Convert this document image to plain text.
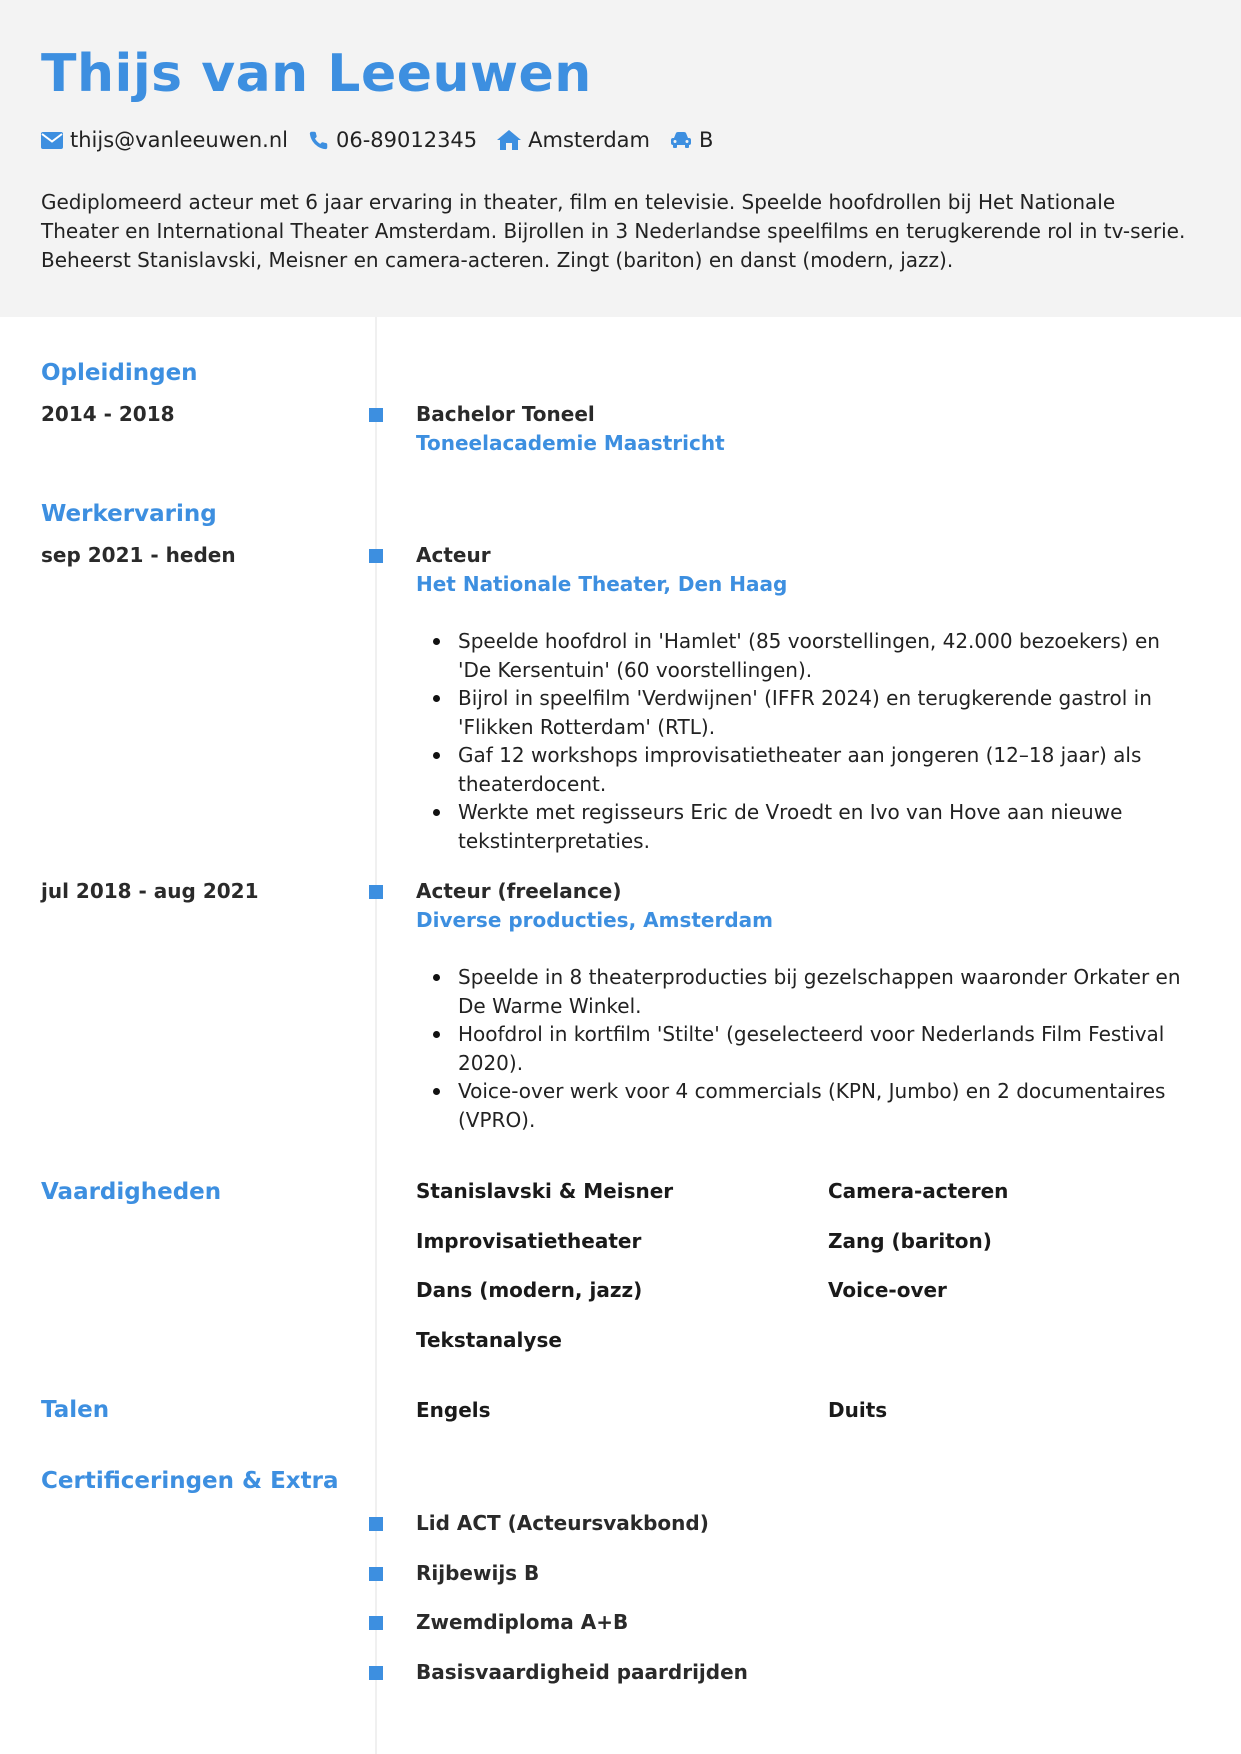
Thijs van Leeuwen
thijs@vanleeuwen.nl 06-89012345 Amsterdam B
Gediplomeerd acteur met 6 jaar ervaring in theater, film en televisie. Speelde hoofdrollen bij Het Nationale Theater en International Theater Amsterdam. Bijrollen in 3 Nederlandse speelfilms en terugkerende rol in tv-serie. Beheerst Stanislavski, Meisner en camera-acteren. Zingt (bariton) en danst (modern, jazz).
Opleidingen
2014 - 2018	Bachelor Toneel
Toneelacademie Maastricht
Werkervaring
sep 2021 - heden	Acteur
Het Nationale Theater, Den Haag
Speelde hoofdrol in 'Hamlet' (85 voorstellingen, 42.000 bezoekers) en 'De Kersentuin' (60 voorstellingen).
Bijrol in speelfilm 'Verdwijnen' (IFFR 2024) en terugkerende gastrol in 'Flikken Rotterdam' (RTL).
Gaf 12 workshops improvisatietheater aan jongeren (12–18 jaar) als theaterdocent.
Werkte met regisseurs Eric de Vroedt en Ivo van Hove aan nieuwe tekstinterpretaties.
jul 2018 - aug 2021	Acteur (freelance)
Diverse producties, Amsterdam
Speelde in 8 theaterproducties bij gezelschappen waaronder Orkater en De Warme Winkel.
Hoofdrol in kortfilm 'Stilte' (geselecteerd voor Nederlands Film Festival 2020).
Voice-over werk voor 4 commercials (KPN, Jumbo) en 2 documentaires (VPRO).
Vaardigheden	Stanislavski & Meisner	Camera-acteren
Improvisatietheater	Zang (bariton)
Dans (modern, jazz)	Voice-over
Tekstanalyse
Talen	Engels	Duits
Certificeringen & Extra
Lid ACT (Acteursvakbond)
Rijbewijs B
Zwemdiploma A+B
Basisvaardigheid paardrijden
